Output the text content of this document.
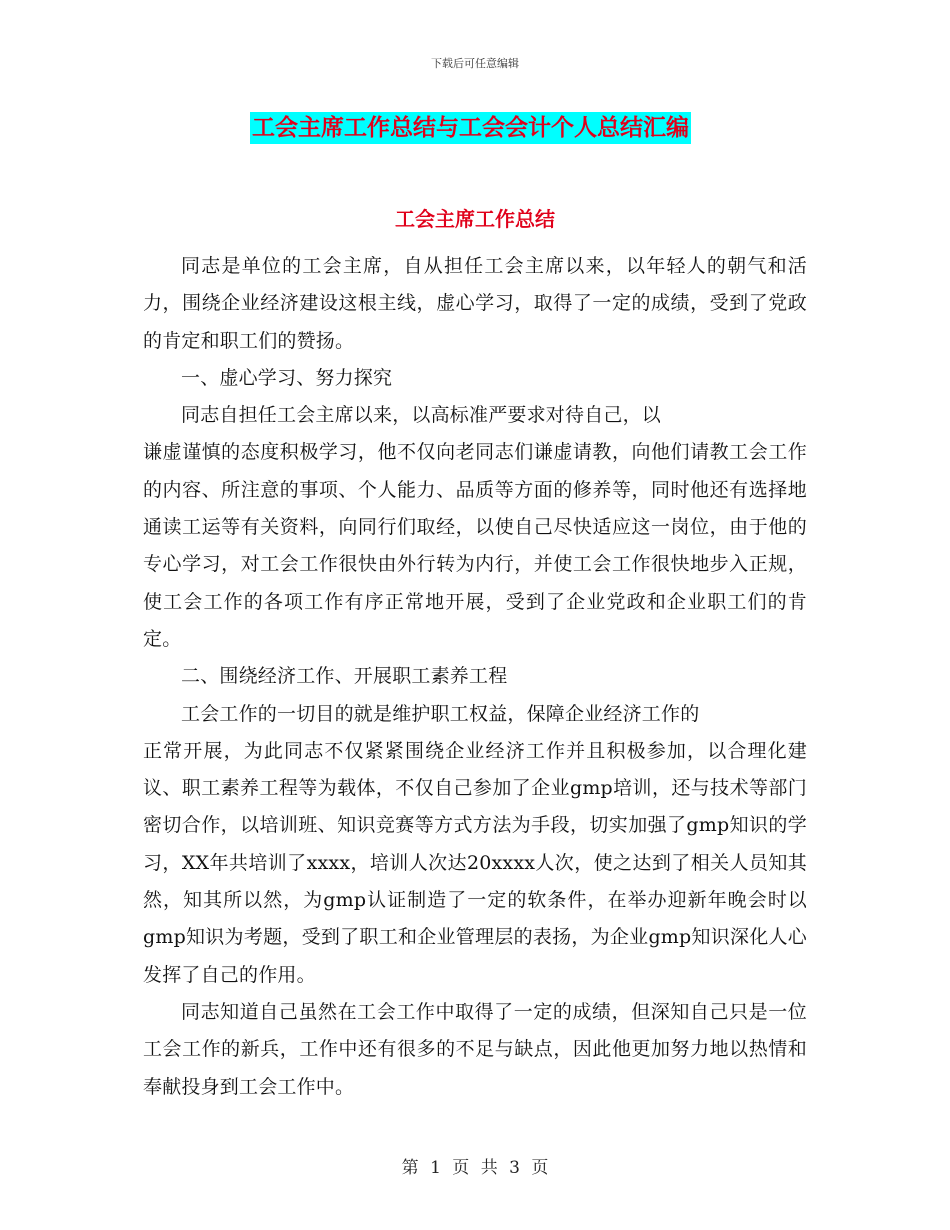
下载后可任意编辑
工会主席工作总结与工会会计个人总结汇编
工会主席工作总结

同志是单位的工会主席，自从担任工会主席以来，以年轻人的朝气和活力，围绕企业经济建设这根主线，虚心学习，取得了一定的成绩，受到了党政的肯定和职工们的赞扬。

一、虚心学习、努力探究

同志自担任工会主席以来，以高标准严要求对待自己，以

谦虚谨慎的态度积极学习，他不仅向老同志们谦虚请教，向他们请教工会工作的内容、所注意的事项、个人能力、品质等方面的修养等，同时他还有选择地通读工运等有关资料，向同行们取经，以使自己尽快适应这一岗位，由于他的专心学习，对工会工作很快由外行转为内行，并使工会工作很快地步入正规，使工会工作的各项工作有序正常地开展，受到了企业党政和企业职工们的肯定。

二、围绕经济工作、开展职工素养工程

工会工作的一切目的就是维护职工权益，保障企业经济工作的

正常开展，为此同志不仅紧紧围绕企业经济工作并且积极参加，以合理化建议、职工素养工程等为载体，不仅自己参加了企业gmp培训，还与技术等部门密切合作，以培训班、知识竞赛等方式方法为手段，切实加强了gmp知识的学习，XX年共培训了xxxx，培训人次达20xxxx人次，使之达到了相关人员知其然，知其所以然，为gmp认证制造了一定的软条件，在举办迎新年晚会时以gmp知识为考题，受到了职工和企业管理层的表扬，为企业gmp知识深化人心发挥了自己的作用。

同志知道自己虽然在工会工作中取得了一定的成绩，但深知自己只是一位工会工作的新兵，工作中还有很多的不足与缺点，因此他更加努力地以热情和奉献投身到工会工作中。

第 1 页 共 3 页
